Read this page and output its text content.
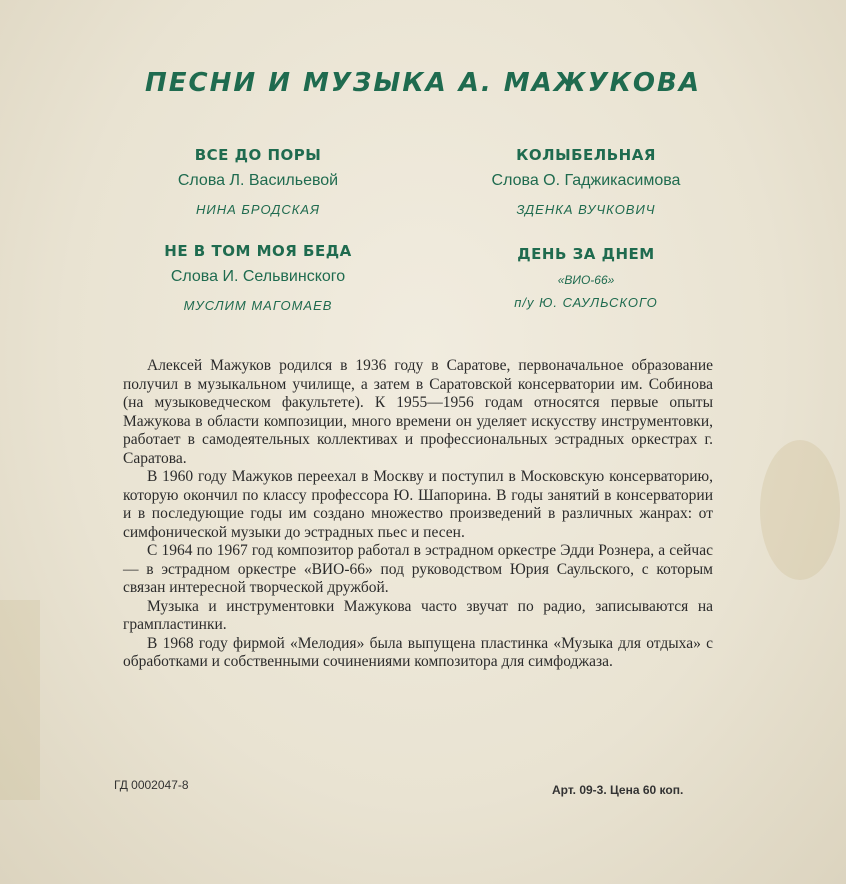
ПЕСНИ И МУЗЫКА А. МАЖУКОВА
ВСЕ ДО ПОРЫ
Слова Л. Васильевой
НИНА БРОДСКАЯ
КОЛЫБЕЛЬНАЯ
Слова О. Гаджикасимова
ЗДЕНКА ВУЧКОВИЧ
НЕ В ТОМ МОЯ БЕДА
Слова И. Сельвинского
МУСЛИМ МАГОМАЕВ
ДЕНЬ ЗА ДНЕМ
«ВИО-66»
п/у Ю. САУЛЬСКОГО

Алексей Мажуков родился в 1936 году в Саратове, первоначальное образование получил в музыкальном училище, а затем в Саратовской консерватории им. Собинова (на музыковедческом факультете). К 1955—1956 годам относятся первые опыты Мажукова в области композиции, много времени он уделяет искусству инструментовки, работает в самодеятельных коллективах и профессиональных эстрадных оркестрах г. Саратова.

В 1960 году Мажуков переехал в Москву и поступил в Московскую консерваторию, которую окончил по классу профессора Ю. Шапорина. В годы занятий в консерватории и в последующие годы им создано множество произведений в различных жанрах: от симфонической музыки до эстрадных пьес и песен.

С 1964 по 1967 год композитор работал в эстрадном оркестре Эдди Рознера, а сейчас — в эстрадном оркестре «ВИО-66» под руководством Юрия Саульского, с которым связан интересной творческой дружбой.

Музыка и инструментовки Мажукова часто звучат по радио, записываются на грампластинки.

В 1968 году фирмой «Мелодия» была выпущена пластинка «Музыка для отдыха» с обработками и собственными сочинениями композитора для симфоджаза.

ГД 0002047-8	Арт. 09-3. Цена 60 коп.
